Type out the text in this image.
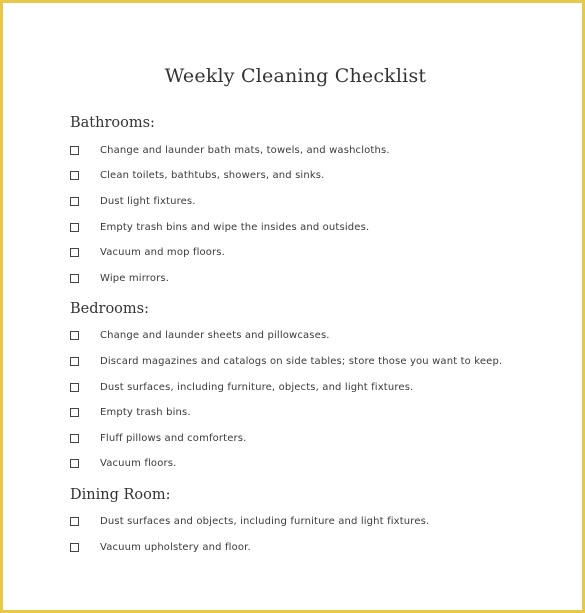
Weekly Cleaning Checklist
Bathrooms:
Change and launder bath mats, towels, and washcloths.
Clean toilets, bathtubs, showers, and sinks.
Dust light fixtures.
Empty trash bins and wipe the insides and outsides.
Vacuum and mop floors.
Wipe mirrors.
Bedrooms:
Change and launder sheets and pillowcases.
Discard magazines and catalogs on side tables; store those you want to keep.
Dust surfaces, including furniture, objects, and light fixtures.
Empty trash bins.
Fluff pillows and comforters.
Vacuum floors.
Dining Room:
Dust surfaces and objects, including furniture and light fixtures.
Vacuum upholstery and floor.
